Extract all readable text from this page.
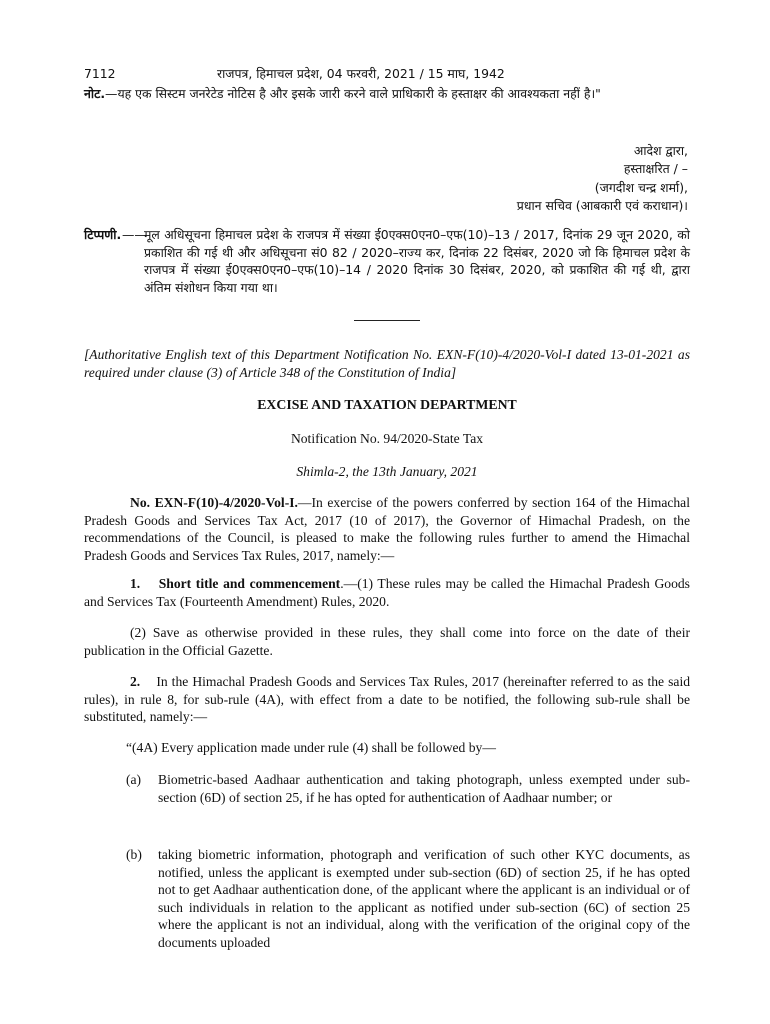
7112	राजपत्र, हिमाचल प्रदेश, 04 फरवरी, 2021 / 15 माघ, 1942
नोट.—यह एक सिस्टम जनरेटेड नोटिस है और इसके जारी करने वाले प्राधिकारी के हस्ताक्षर की आवश्यकता नहीं है।"
आदेश द्वारा,
हस्ताक्षरित / –
(जगदीश चन्द्र शर्मा),
प्रधान सचिव (आबकारी एवं कराधान)।
टिप्पणी. ——
मूल अधिसूचना हिमाचल प्रदेश के राजपत्र में संख्या ई0एक्स0एन0–एफ(10)–13 / 2017, दिनांक 29 जून 2020, को प्रकाशित की गई थी और अधिसूचना सं0 82 / 2020–राज्य कर, दिनांक 22 दिसंबर, 2020 जो कि हिमाचल प्रदेश के राजपत्र में संख्या ई0एक्स0एन0–एफ(10)–14 / 2020 दिनांक 30 दिसंबर, 2020, को प्रकाशित की गई थी, द्वारा अंतिम संशोधन किया गया था।
[Authoritative English text of this Department Notification No. EXN-F(10)-4/2020-Vol-I dated 13-01-2021 as required under clause (3) of Article 348 of the Constitution of India]
EXCISE AND TAXATION DEPARTMENT
Notification No. 94/2020-State Tax
Shimla-2, the 13th January, 2021
No. EXN-F(10)-4/2020-Vol-I.—In exercise of the powers conferred by section 164 of the Himachal Pradesh Goods and Services Tax Act, 2017 (10 of 2017), the Governor of Himachal Pradesh, on the recommendations of the Council, is pleased to make the following rules further to amend the Himachal Pradesh Goods and Services Tax Rules, 2017, namely:—
1. Short title and commencement.—(1) These rules may be called the Himachal Pradesh Goods and Services Tax (Fourteenth Amendment) Rules, 2020.
(2) Save as otherwise provided in these rules, they shall come into force on the date of their publication in the Official Gazette.
2. In the Himachal Pradesh Goods and Services Tax Rules, 2017 (hereinafter referred to as the said rules), in rule 8, for sub-rule (4A), with effect from a date to be notified, the following sub-rule shall be substituted, namely:—
“(4A) Every application made under rule (4) shall be followed by—
(a) Biometric-based Aadhaar authentication and taking photograph, unless exempted under sub-section (6D) of section 25, if he has opted for authentication of Aadhaar number; or
(b) taking biometric information, photograph and verification of such other KYC documents, as notified, unless the applicant is exempted under sub-section (6D) of section 25, if he has opted not to get Aadhaar authentication done, of the applicant where the applicant is an individual or of such individuals in relation to the applicant as notified under sub-section (6C) of section 25 where the applicant is not an individual, along with the verification of the original copy of the documents uploaded
